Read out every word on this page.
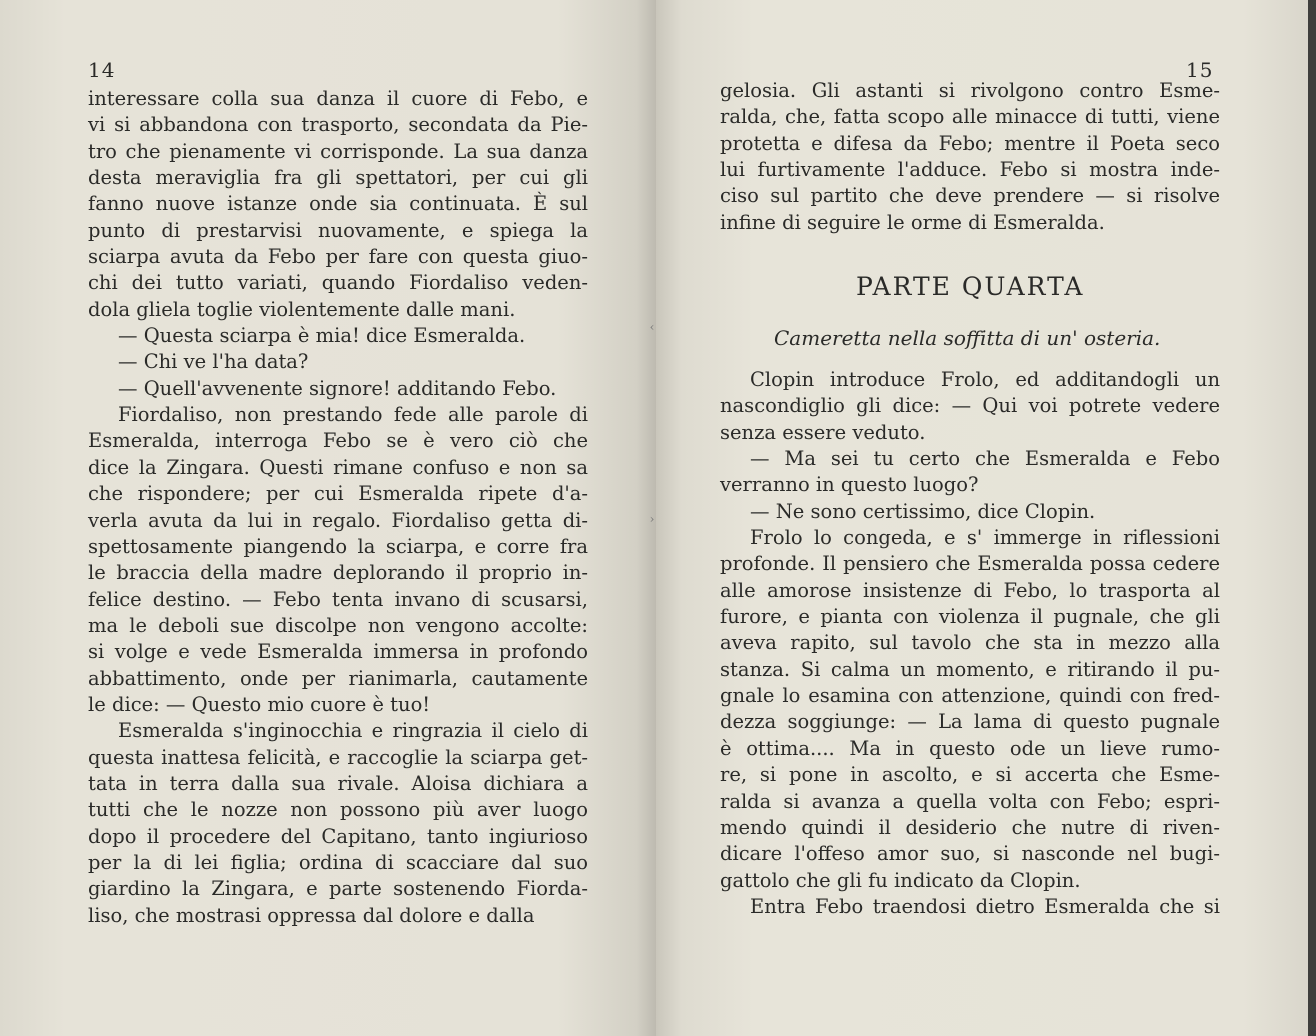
14
interessare colla sua danza il cuore di Febo, e
vi si abbandona con trasporto, secondata da Pie-
tro che pienamente vi corrisponde. La sua danza
desta meraviglia fra gli spettatori, per cui gli
fanno nuove istanze onde sia continuata. È sul
punto di prestarvisi nuovamente, e spiega la
sciarpa avuta da Febo per fare con questa giuo-
chi dei tutto variati, quando Fiordaliso veden-
dola gliela toglie violentemente dalle mani.
— Questa sciarpa è mia! dice Esmeralda.
— Chi ve l'ha data?
— Quell'avvenente signore! additando Febo.
Fiordaliso, non prestando fede alle parole di
Esmeralda, interroga Febo se è vero ciò che
dice la Zingara. Questi rimane confuso e non sa
che rispondere; per cui Esmeralda ripete d'a-
verla avuta da lui in regalo. Fiordaliso getta di-
spettosamente piangendo la sciarpa, e corre fra
le braccia della madre deplorando il proprio in-
felice destino. — Febo tenta invano di scusarsi,
ma le deboli sue discolpe non vengono accolte:
si volge e vede Esmeralda immersa in profondo
abbattimento, onde per rianimarla, cautamente
le dice: — Questo mio cuore è tuo!
Esmeralda s'inginocchia e ringrazia il cielo di
questa inattesa felicità, e raccoglie la sciarpa get-
tata in terra dalla sua rivale. Aloisa dichiara a
tutti che le nozze non possono più aver luogo
dopo il procedere del Capitano, tanto ingiurioso
per la di lei figlia; ordina di scacciare dal suo
giardino la Zingara, e parte sostenendo Fiorda-
liso, che mostrasi oppressa dal dolore e dalla
15
gelosia. Gli astanti si rivolgono contro Esme-
ralda, che, fatta scopo alle minacce di tutti, viene
protetta e difesa da Febo; mentre il Poeta seco
lui furtivamente l'adduce. Febo si mostra inde-
ciso sul partito che deve prendere — si risolve
infine di seguire le orme di Esmeralda.
PARTE QUARTA
Cameretta nella soffitta di un' osteria.
Clopin introduce Frolo, ed additandogli un
nascondiglio gli dice: — Qui voi potrete vedere
senza essere veduto.
— Ma sei tu certo che Esmeralda e Febo
verranno in questo luogo?
— Ne sono certissimo, dice Clopin.
Frolo lo congeda, e s' immerge in riflessioni
profonde. Il pensiero che Esmeralda possa cedere
alle amorose insistenze di Febo, lo trasporta al
furore, e pianta con violenza il pugnale, che gli
aveva rapito, sul tavolo che sta in mezzo alla
stanza. Si calma un momento, e ritirando il pu-
gnale lo esamina con attenzione, quindi con fred-
dezza soggiunge: — La lama di questo pugnale
è ottima.... Ma in questo ode un lieve rumo-
re, si pone in ascolto, e si accerta che Esme-
ralda si avanza a quella volta con Febo; espri-
mendo quindi il desiderio che nutre di riven-
dicare l'offeso amor suo, si nasconde nel bugi-
gattolo che gli fu indicato da Clopin.
Entra Febo traendosi dietro Esmeralda che si
‹
›
